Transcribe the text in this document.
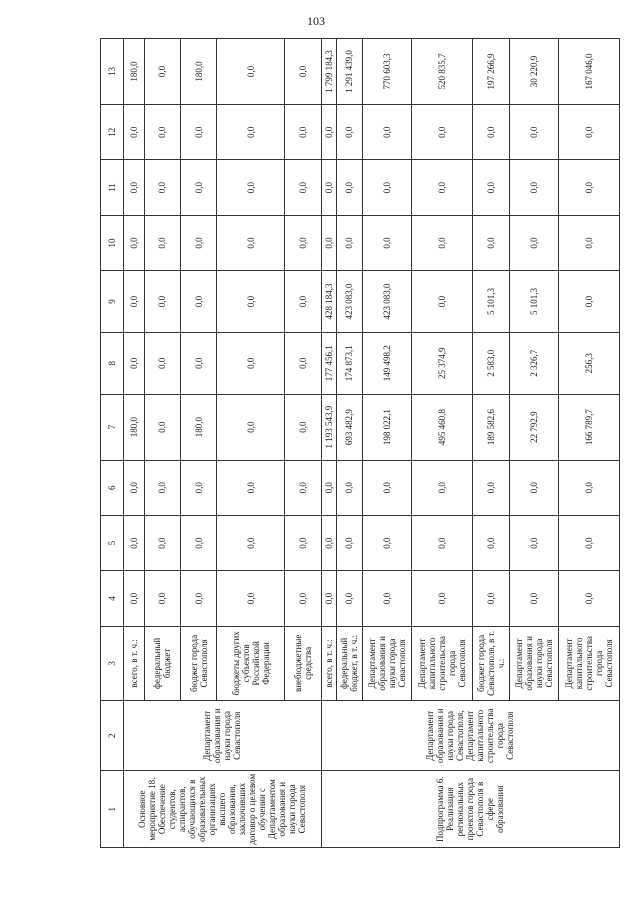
103
1	2	3	4	5	6	7	8	9	10	11	12	13
Основное мероприятие 18. Обеспечение студентов, аспирантов, обучающихся в образовательных организациях высшего образования, заключивших договор о целевом обучении с Департаментом образования и науки города Севастополя	Департамент образования и науки города Севастополя	всего, в т. ч.:	0,0	0,0	0,0	180,0	0,0	0,0	0,0	0,0	0,0	180,0
		федеральный бюджет	0,0	0,0	0,0	0,0	0,0	0,0	0,0	0,0	0,0	0,0
		бюджет города Севастополя	0,0	0,0	0,0	180,0	0,0	0,0	0,0	0,0	0,0	180,0
		бюджеты других субъектов Российской Федерации	0,0	0,0	0,0	0,0	0,0	0,0	0,0	0,0	0,0	0,0
		внебюджетные средства	0,0	0,0	0,0	0,0	0,0	0,0	0,0	0,0	0,0	0,0
Подпрограмма 6. Реализация региональных проектов города Севастополя в сфере образования	Департамент образования и науки города Севастополя, Департамент капитального строительства города Севастополя	всего, в т. ч.:	0,0	0,0	0,0	1 193 543,9	177 456,1	428 184,3	0,0	0,0	0,0	1 799 184,3
		федеральный бюджет, в т. ч.:	0,0	0,0	0,0	693 482,9	174 873,1	423 083,0	0,0	0,0	0,0	1 291 439,0
		Департамент образования и науки города Севастополя	0,0	0,0	0,0	198 022,1	149 498,2	423 083,0	0,0	0,0	0,0	770 603,3
		Департамент капитального строительства города Севастополя	0,0	0,0	0,0	495 460,8	25 374,9	0,0	0,0	0,0	0,0	520 835,7
		бюджет города Севастополя, в т. ч.:	0,0	0,0	0,0	189 582,6	2 583,0	5 101,3	0,0	0,0	0,0	197 266,9
		Департамент образования и науки города Севастополя	0,0	0,0	0,0	22 792,9	2 326,7	5 101,3	0,0	0,0	0,0	30 220,9
		Департамент капитального строительства города Севастополя	0,0	0,0	0,0	166 789,7	256,3	0,0	0,0	0,0	0,0	167 046,0
